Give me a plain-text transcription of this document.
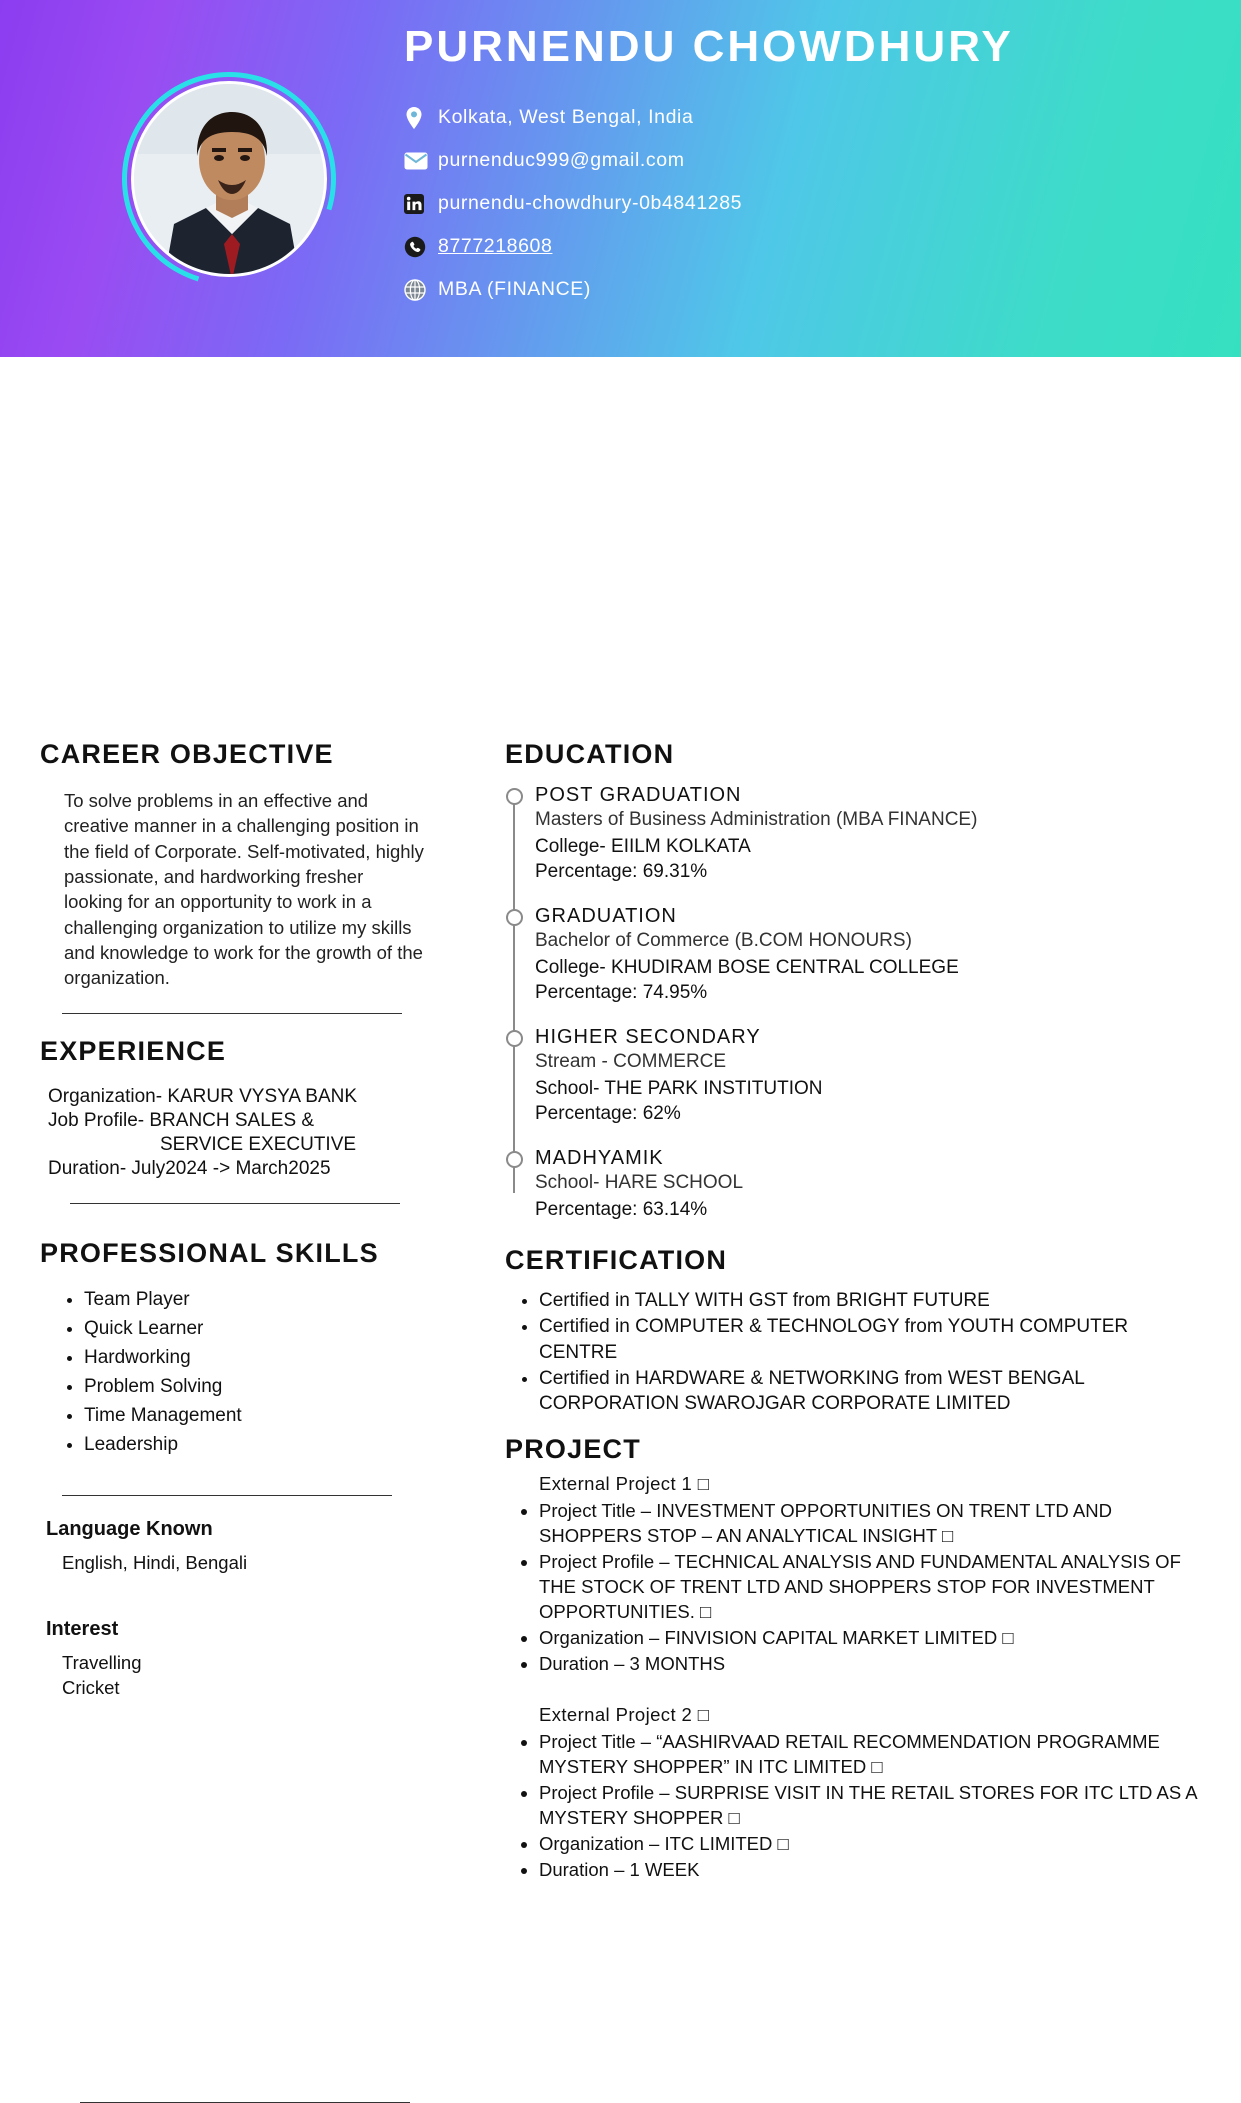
PURNENDU CHOWDHURY
Kolkata, West Bengal, India
purnenduc999@gmail.com
purnendu-chowdhury-0b4841285
8777218608
MBA (FINANCE)
CAREER OBJECTIVE
To solve problems in an effective and creative manner in a challenging position in the field of Corporate. Self-motivated, highly passionate, and hardworking fresher looking for an opportunity to work in a challenging organization to utilize my skills and knowledge to work for the growth of the organization.
EXPERIENCE
Organization- KARUR VYSYA BANK
Job Profile- BRANCH SALES &
SERVICE EXECUTIVE
Duration- July2024 -> March2025
PROFESSIONAL SKILLS
• Team Player
• Quick Learner
• Hardworking
• Problem Solving
• Time Management
• Leadership
Language Known
English, Hindi, Bengali
Interest
Travelling
Cricket
EDUCATION
POST GRADUATION
Masters of Business Administration (MBA FINANCE)
College- EIILM KOLKATA
Percentage: 69.31%
GRADUATION
Bachelor of Commerce (B.COM HONOURS)
College- KHUDIRAM BOSE CENTRAL COLLEGE
Percentage: 74.95%
HIGHER SECONDARY
Stream - COMMERCE
School- THE PARK INSTITUTION
Percentage: 62%
MADHYAMIK
School- HARE SCHOOL
Percentage: 63.14%
CERTIFICATION
• Certified in TALLY WITH GST from BRIGHT FUTURE
• Certified in COMPUTER & TECHNOLOGY from YOUTH COMPUTER CENTRE
• Certified in HARDWARE & NETWORKING from WEST BENGAL CORPORATION SWAROJGAR CORPORATE LIMITED
PROJECT
External Project 1 □
• Project Title – INVESTMENT OPPORTUNITIES ON TRENT LTD AND SHOPPERS STOP – AN ANALYTICAL INSIGHT □
• Project Profile – TECHNICAL ANALYSIS AND FUNDAMENTAL ANALYSIS OF THE STOCK OF TRENT LTD AND SHOPPERS STOP FOR INVESTMENT OPPORTUNITIES. □
• Organization – FINVISION CAPITAL MARKET LIMITED □
• Duration – 3 MONTHS
External Project 2 □
• Project Title – “AASHIRVAAD RETAIL RECOMMENDATION PROGRAMME MYSTERY SHOPPER” IN ITC LIMITED □
• Project Profile – SURPRISE VISIT IN THE RETAIL STORES FOR ITC LTD AS A MYSTERY SHOPPER □
• Organization – ITC LIMITED □
• Duration – 1 WEEK
